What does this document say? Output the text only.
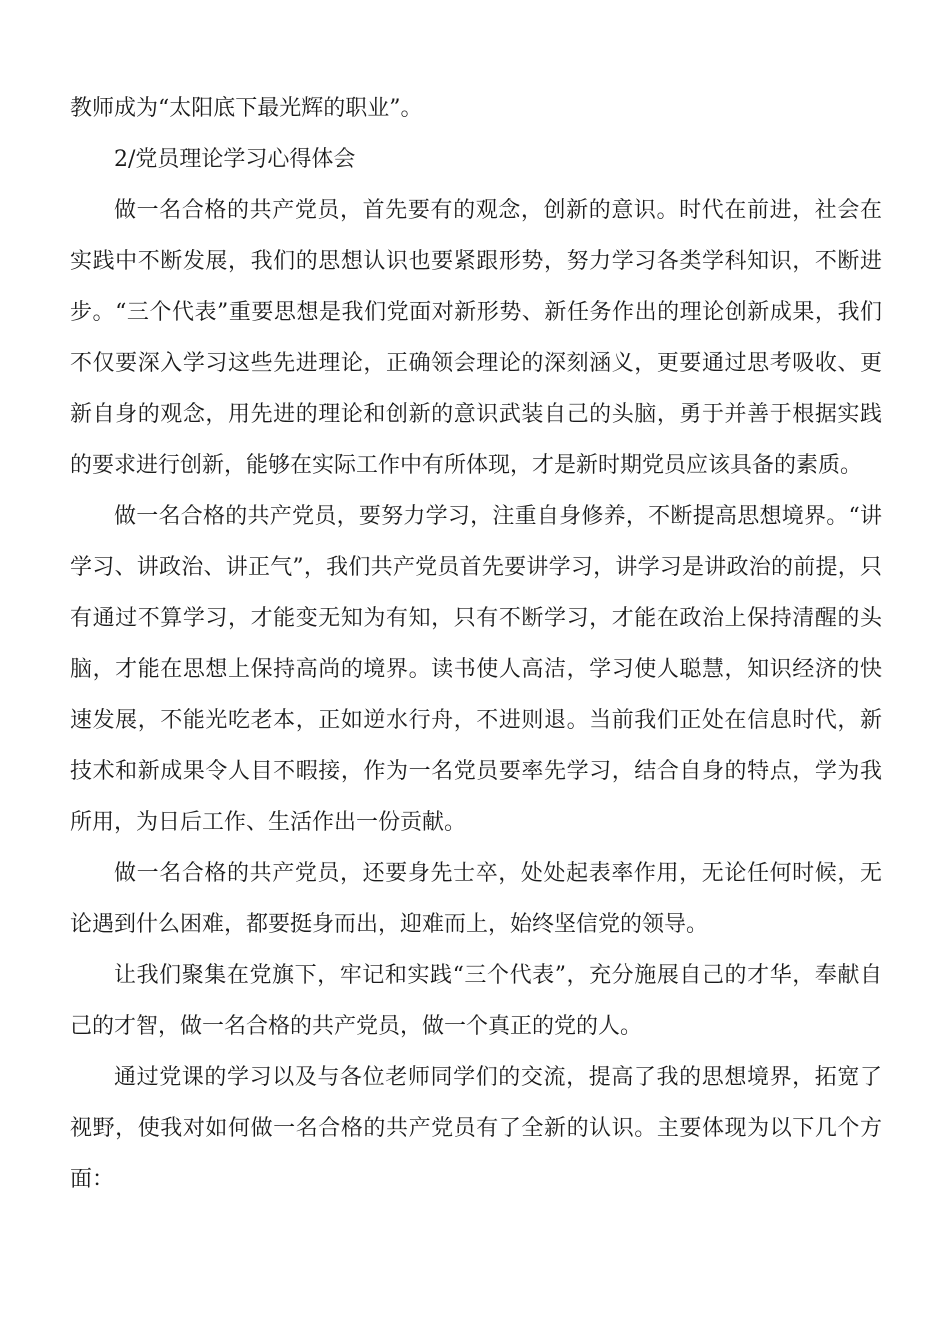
教师成为“太阳底下最光辉的职业”。

2/党员理论学习心得体会

做一名合格的共产党员，首先要有的观念，创新的意识。时代在前进，社会在实践中不断发展，我们的思想认识也要紧跟形势，努力学习各类学科知识，不断进步。“三个代表”重要思想是我们党面对新形势、新任务作出的理论创新成果，我们不仅要深入学习这些先进理论，正确领会理论的深刻涵义，更要通过思考吸收、更新自身的观念，用先进的理论和创新的意识武装自己的头脑，勇于并善于根据实践的要求进行创新，能够在实际工作中有所体现，才是新时期党员应该具备的素质。

做一名合格的共产党员，要努力学习，注重自身修养，不断提高思想境界。“讲学习、讲政治、讲正气”，我们共产党员首先要讲学习，讲学习是讲政治的前提，只有通过不算学习，才能变无知为有知，只有不断学习，才能在政治上保持清醒的头脑，才能在思想上保持高尚的境界。读书使人高洁，学习使人聪慧，知识经济的快速发展，不能光吃老本，正如逆水行舟，不进则退。当前我们正处在信息时代，新技术和新成果令人目不暇接，作为一名党员要率先学习，结合自身的特点，学为我所用，为日后工作、生活作出一份贡献。

做一名合格的共产党员，还要身先士卒，处处起表率作用，无论任何时候，无论遇到什么困难，都要挺身而出，迎难而上，始终坚信党的领导。

让我们聚集在党旗下，牢记和实践“三个代表”，充分施展自己的才华，奉献自己的才智，做一名合格的共产党员，做一个真正的党的人。

通过党课的学习以及与各位老师同学们的交流，提高了我的思想境界，拓宽了视野，使我对如何做一名合格的共产党员有了全新的认识。主要体现为以下几个方面：
